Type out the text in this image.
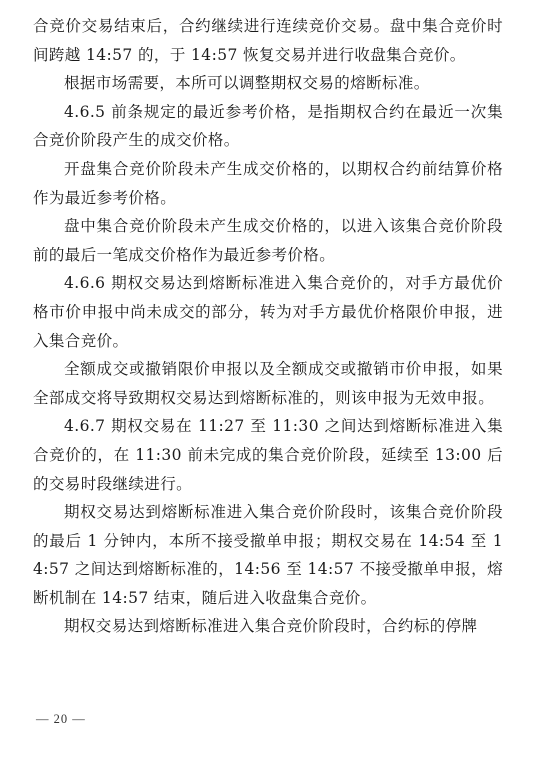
合竞价交易结束后，合约继续进行连续竞价交易。盘中集合竞价时间跨越 14:57 的，于 14:57 恢复交易并进行收盘集合竞价。

根据市场需要，本所可以调整期权交易的熔断标准。

4.6.5 前条规定的最近参考价格，是指期权合约在最近一次集合竞价阶段产生的成交价格。

开盘集合竞价阶段未产生成交价格的，以期权合约前结算价格作为最近参考价格。

盘中集合竞价阶段未产生成交价格的，以进入该集合竞价阶段前的最后一笔成交价格作为最近参考价格。

4.6.6 期权交易达到熔断标准进入集合竞价的，对手方最优价格市价申报中尚未成交的部分，转为对手方最优价格限价申报，进入集合竞价。

全额成交或撤销限价申报以及全额成交或撤销市价申报，如果全部成交将导致期权交易达到熔断标准的，则该申报为无效申报。

4.6.7 期权交易在 11:27 至 11:30 之间达到熔断标准进入集合竞价的，在 11:30 前未完成的集合竞价阶段，延续至 13:00 后的交易时段继续进行。

期权交易达到熔断标准进入集合竞价阶段时，该集合竞价阶段的最后 1 分钟内，本所不接受撤单申报；期权交易在 14:54 至 14:57 之间达到熔断标准的，14:56 至 14:57 不接受撤单申报，熔断机制在 14:57 结束，随后进入收盘集合竞价。

期权交易达到熔断标准进入集合竞价阶段时，合约标的停牌

— 20 —
